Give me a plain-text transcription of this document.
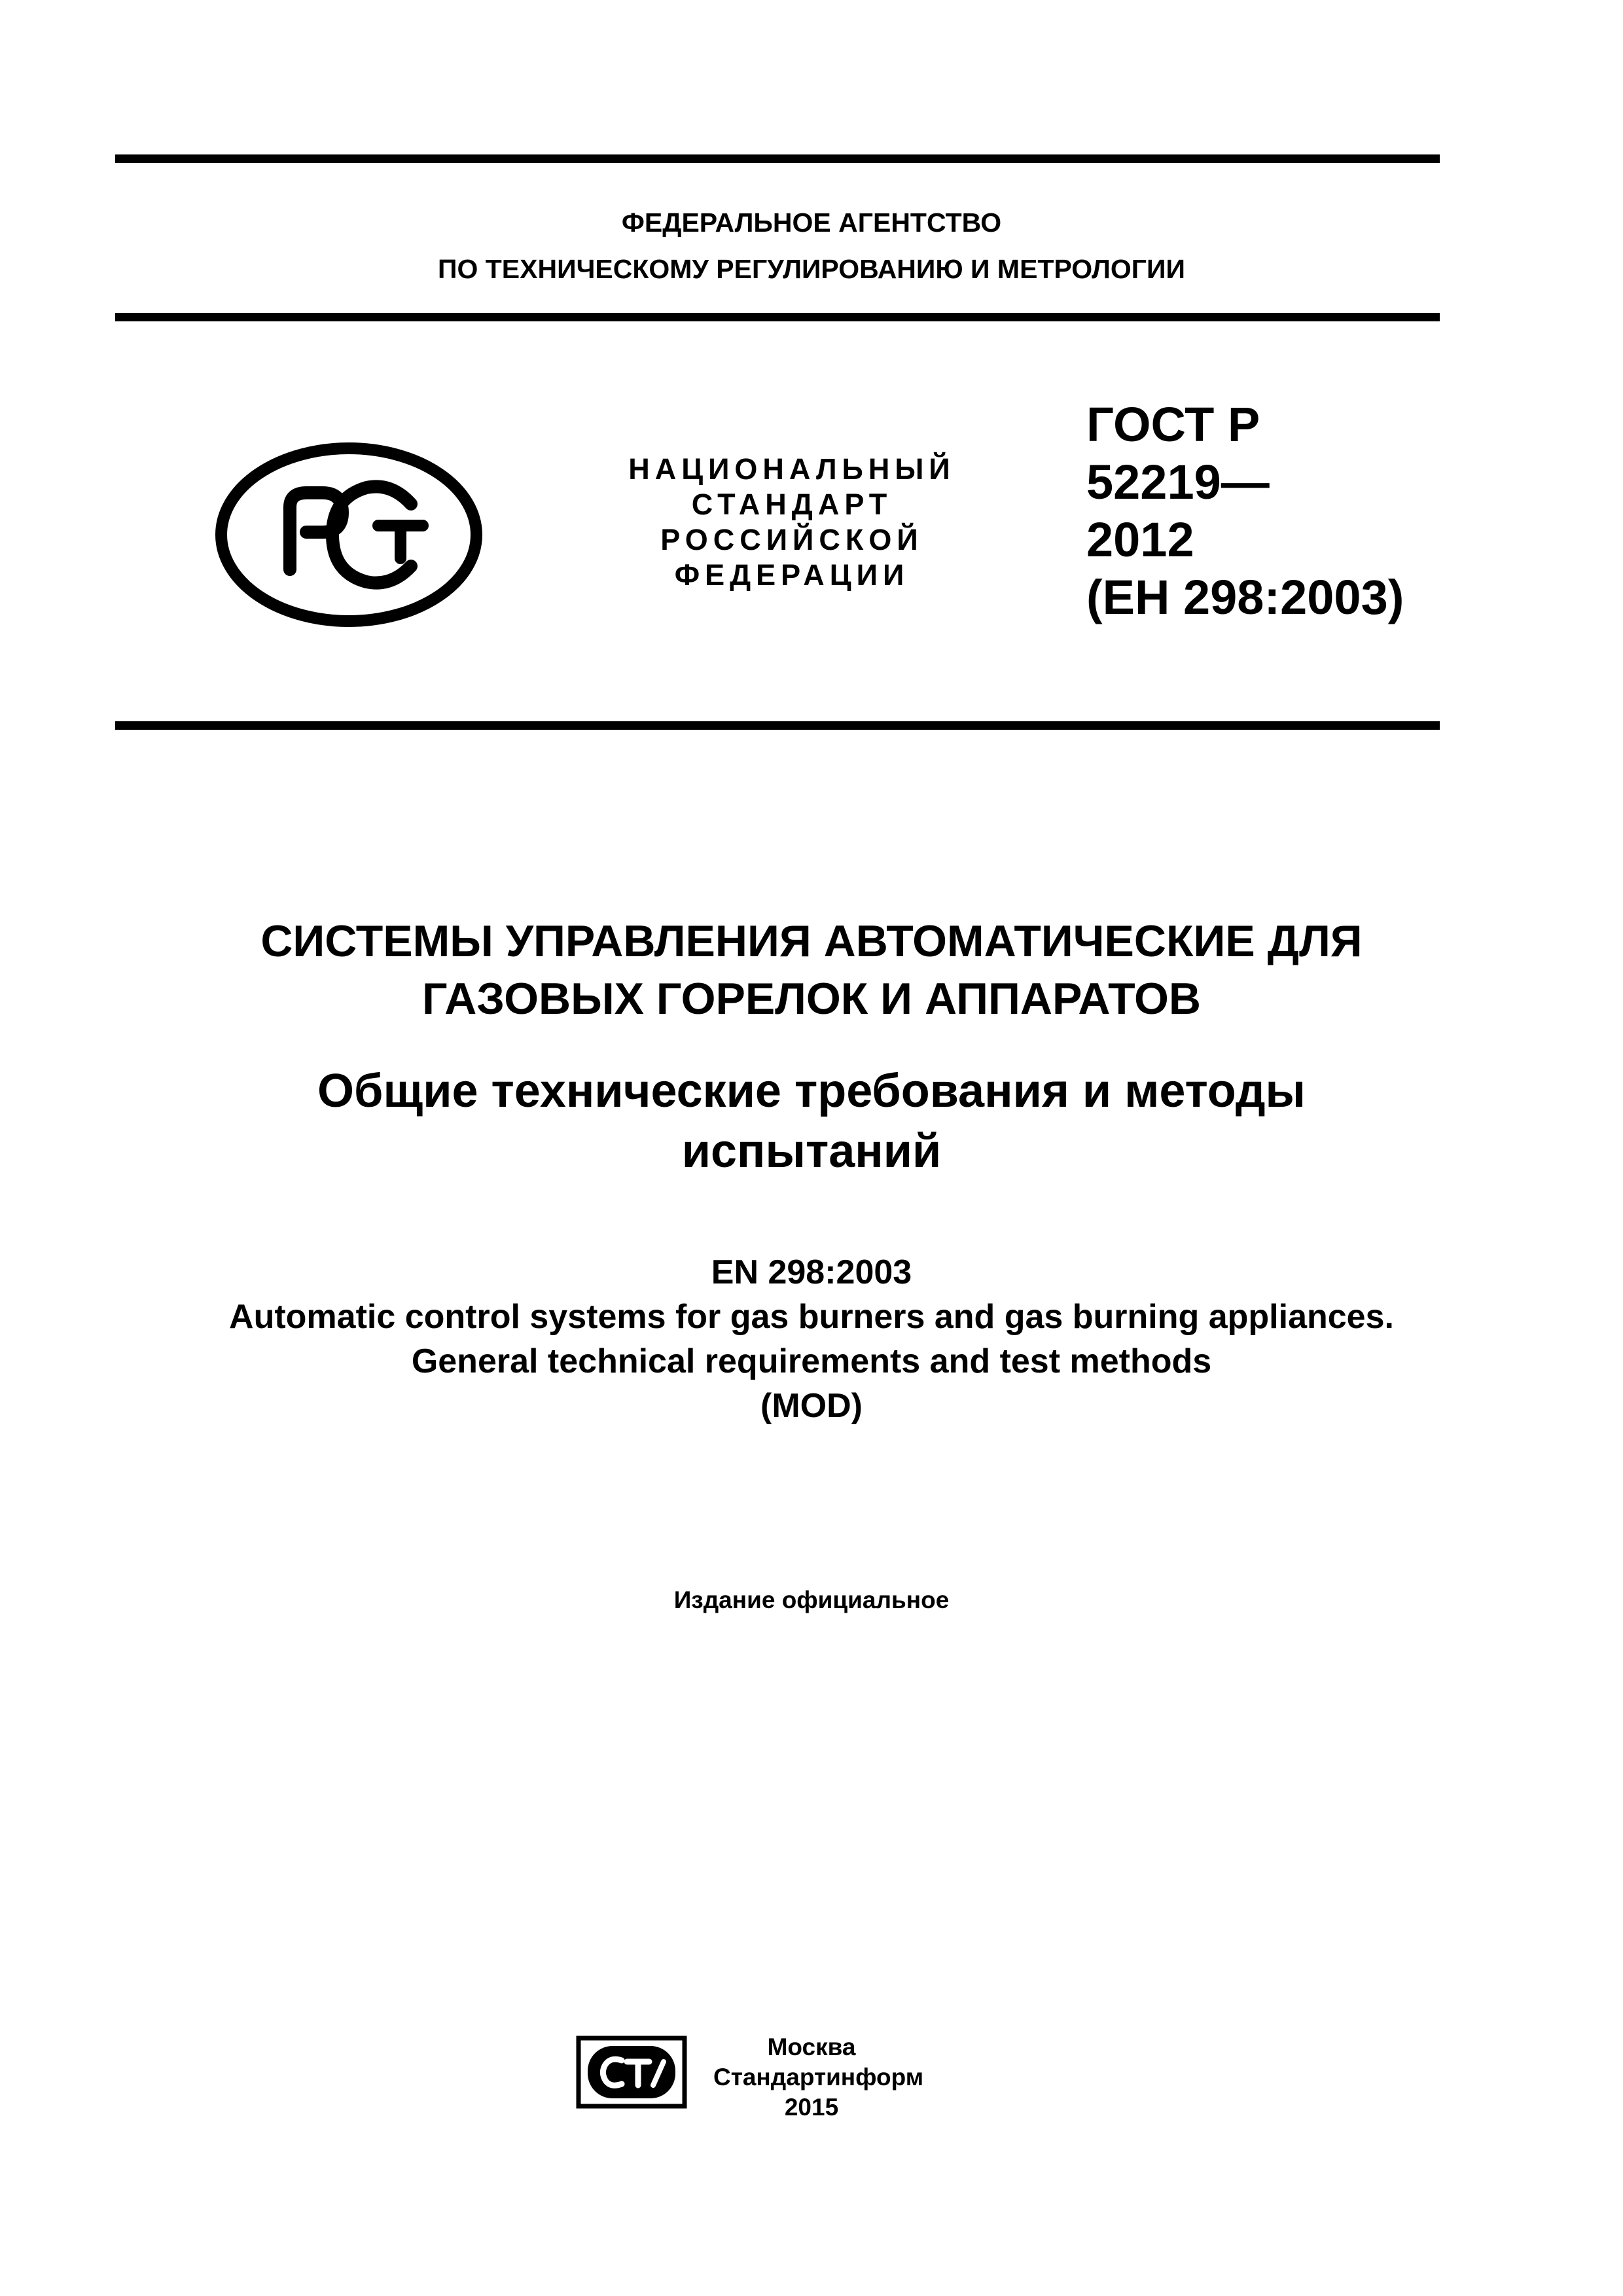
ФЕДЕРАЛЬНОЕ АГЕНТСТВО
ПО ТЕХНИЧЕСКОМУ РЕГУЛИРОВАНИЮ И МЕТРОЛОГИИ
НАЦИОНАЛЬНЫЙ
СТАНДАРТ
РОССИЙСКОЙ
ФЕДЕРАЦИИ
ГОСТ Р
52219—
2012
(ЕН 298:2003)
СИСТЕМЫ УПРАВЛЕНИЯ АВТОМАТИЧЕСКИЕ ДЛЯ
ГАЗОВЫХ ГОРЕЛОК И АППАРАТОВ
Общие технические требования и методы
испытаний
EN 298:2003
Automatic control systems for gas burners and gas burning appliances.
General technical requirements and test methods
(MOD)
Издание официальное
Москва
Стандартинформ
2015
